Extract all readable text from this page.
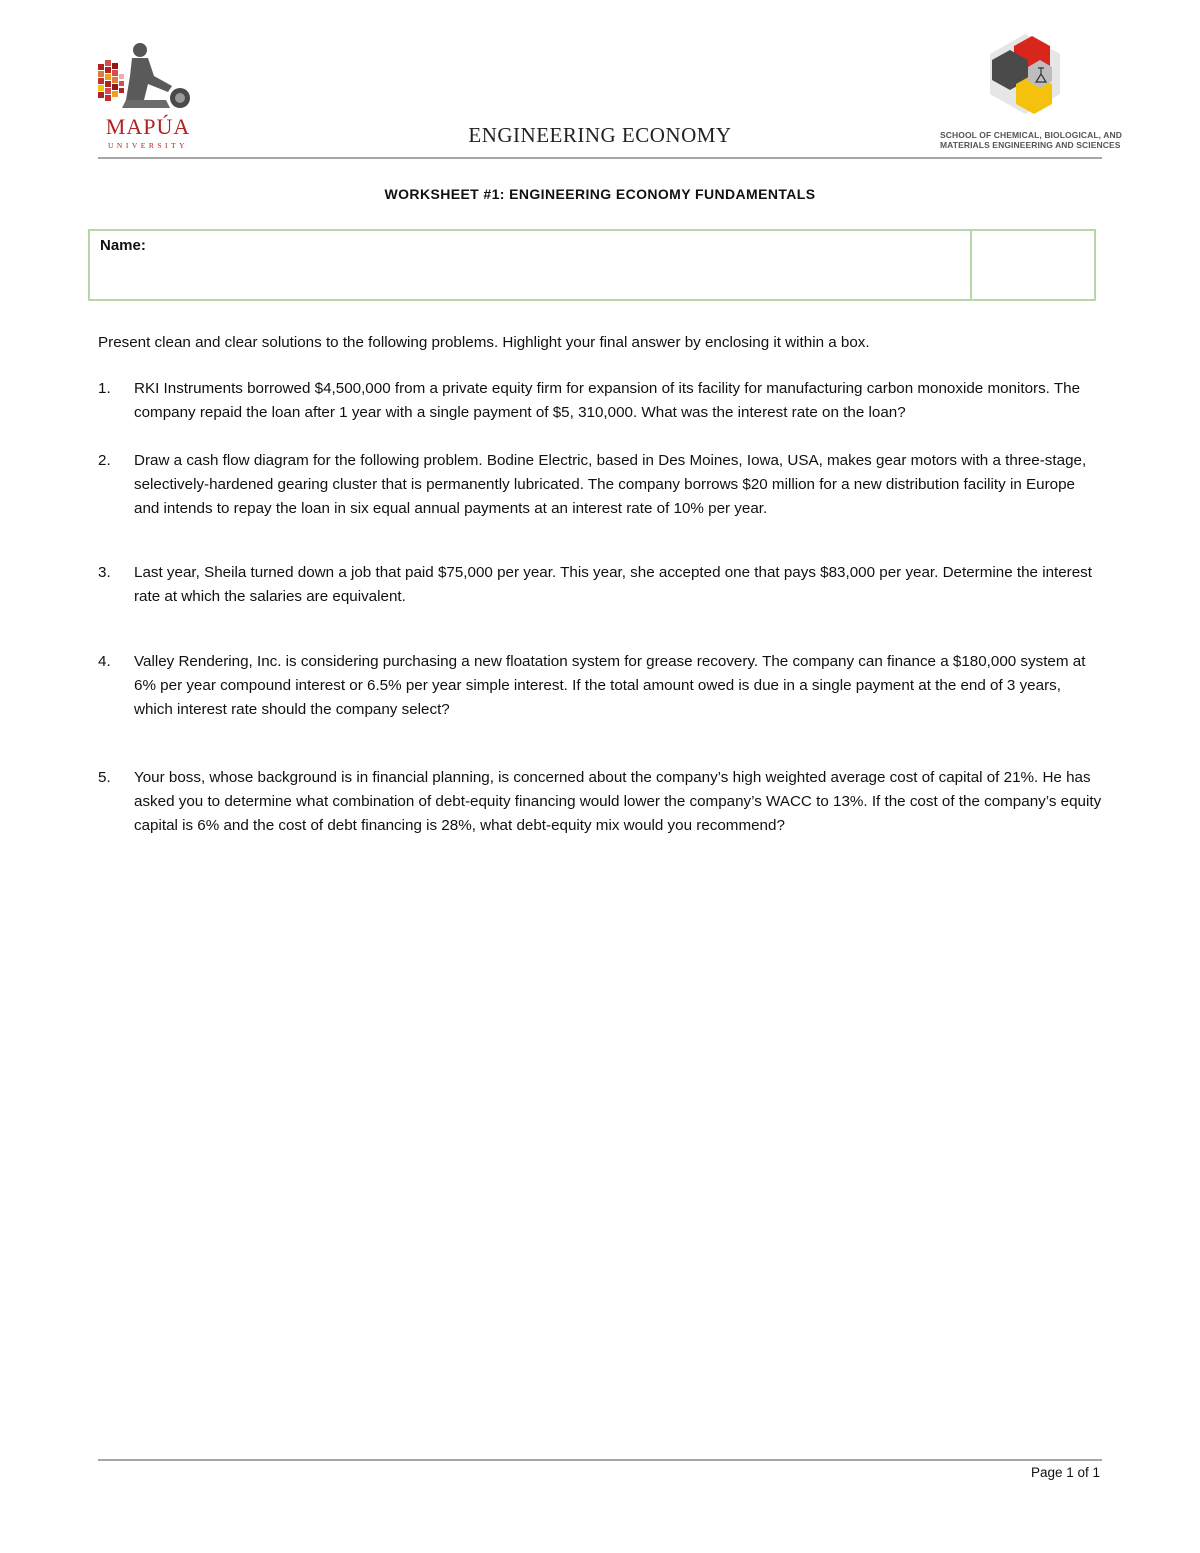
MAPÚA
UNIVERSITY
SCHOOL OF CHEMICAL, BIOLOGICAL, AND
MATERIALS ENGINEERING AND SCIENCES
ENGINEERING ECONOMY
WORKSHEET #1: ENGINEERING ECONOMY FUNDAMENTALS
Name:

Present clean and clear solutions to the following problems. Highlight your final answer by enclosing it within a box.

1.	RKI Instruments borrowed $4,500,000 from a private equity firm for expansion of its facility for manufacturing carbon monoxide monitors. The company repaid the loan after 1 year with a single payment of $5, 310,000. What was the interest rate on the loan?
2.	Draw a cash flow diagram for the following problem. Bodine Electric, based in Des Moines, Iowa, USA, makes gear motors with a three-stage, selectively-hardened gearing cluster that is permanently lubricated. The company borrows $20 million for a new distribution facility in Europe and intends to repay the loan in six equal annual payments at an interest rate of 10% per year.
3.	Last year, Sheila turned down a job that paid $75,000 per year. This year, she accepted one that pays $83,000 per year. Determine the interest rate at which the salaries are equivalent.
4.	Valley Rendering, Inc. is considering purchasing a new floatation system for grease recovery. The company can finance a $180,000 system at 6% per year compound interest or 6.5% per year simple interest. If the total amount owed is due in a single payment at the end of 3 years, which interest rate should the company select?
5.	Your boss, whose background is in financial planning, is concerned about the company’s high weighted average cost of capital of 21%. He has asked you to determine what combination of debt-equity financing would lower the company’s WACC to 13%. If the cost of the company’s equity capital is 6% and the cost of debt financing is 28%, what debt-equity mix would you recommend?
Page 1 of 1
